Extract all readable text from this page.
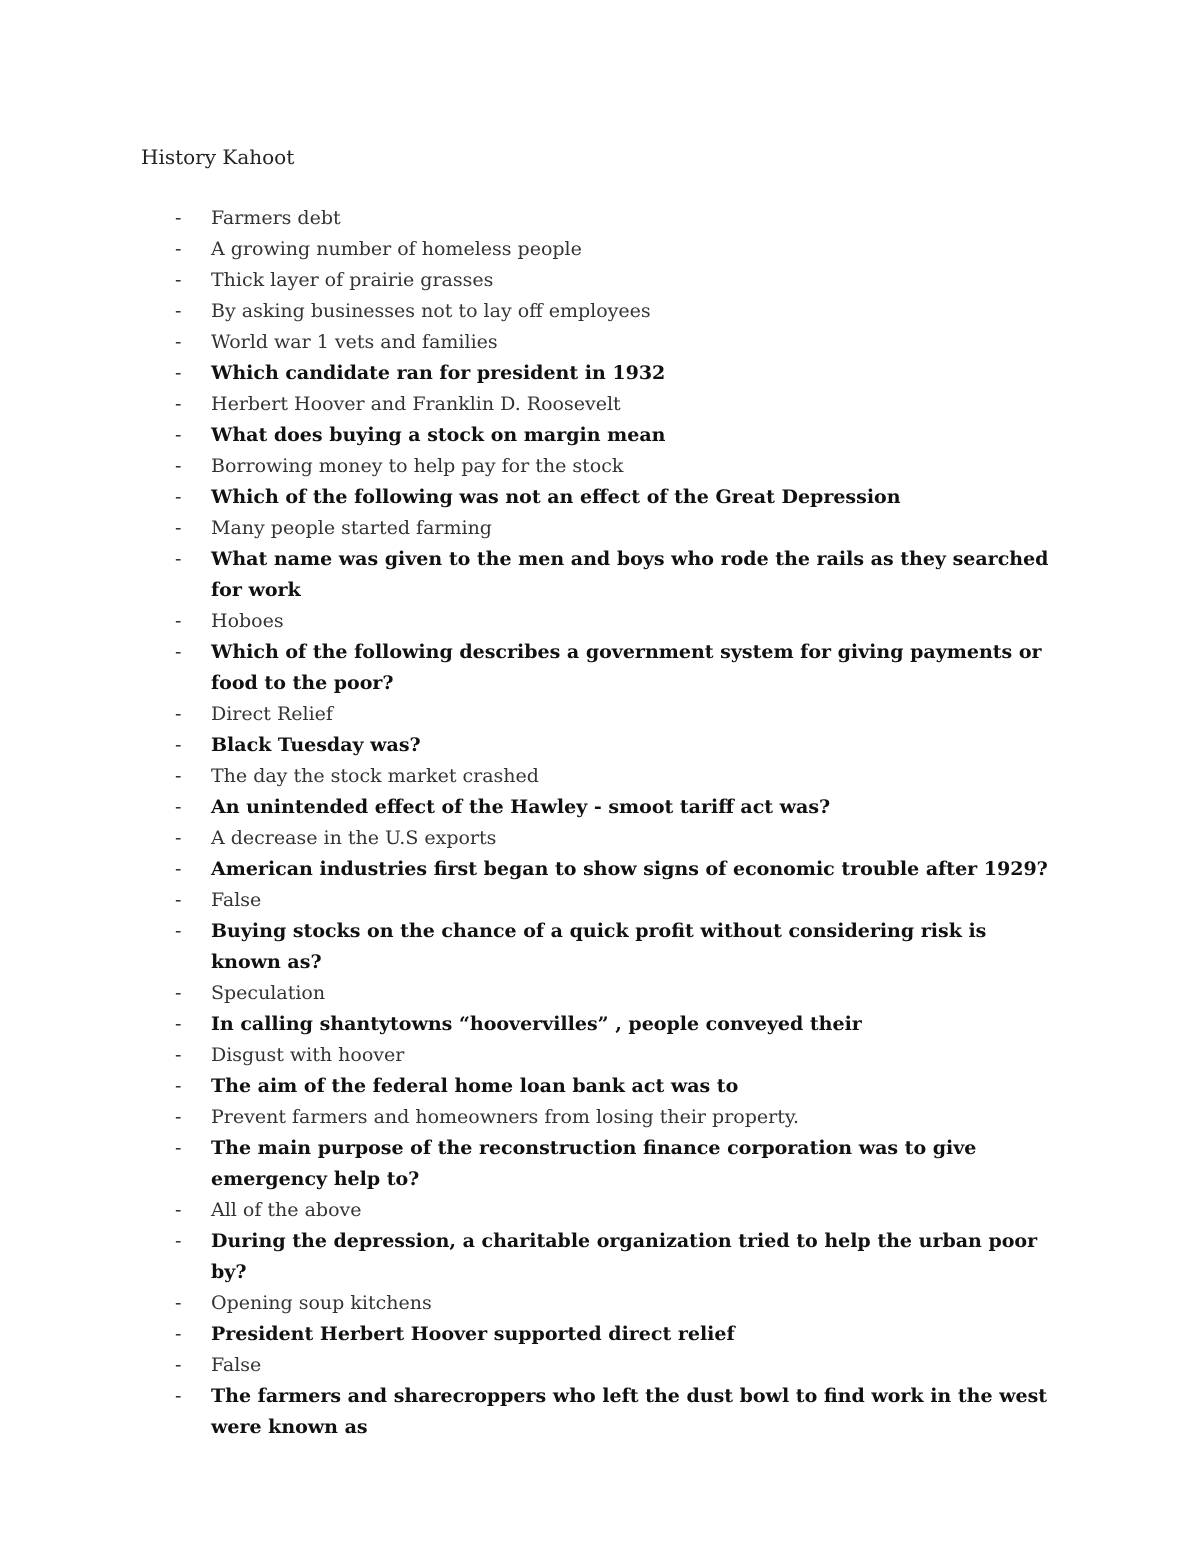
History Kahoot
-	Farmers debt
-	A growing number of homeless people
-	Thick layer of prairie grasses
-	By asking businesses not to lay off employees
-	World war 1 vets and families
-	Which candidate ran for president in 1932
-	Herbert Hoover and Franklin D. Roosevelt
-	What does buying a stock on margin mean
-	Borrowing money to help pay for the stock
-	Which of the following was not an effect of the Great Depression
-	Many people started farming
-	What name was given to the men and boys who rode the rails as they searched for work
-	Hoboes
-	Which of the following describes a government system for giving payments or food to the poor?
-	Direct Relief
-	Black Tuesday was?
-	The day the stock market crashed
-	An unintended effect of the Hawley - smoot tariff act was?
-	A decrease in the U.S exports
-	American industries first began to show signs of economic trouble after 1929?
-	False
-	Buying stocks on the chance of a quick profit without considering risk is known as?
-	Speculation
-	In calling shantytowns “hoovervilles” , people conveyed their
-	Disgust with hoover
-	The aim of the federal home loan bank act was to
-	Prevent farmers and homeowners from losing their property.
-	The main purpose of the reconstruction finance corporation was to give emergency help to?
-	All of the above
-	During the depression, a charitable organization tried to help the urban poor by?
-	Opening soup kitchens
-	President Herbert Hoover supported direct relief
-	False
-	The farmers and sharecroppers who left the dust bowl to find work in the west were known as
